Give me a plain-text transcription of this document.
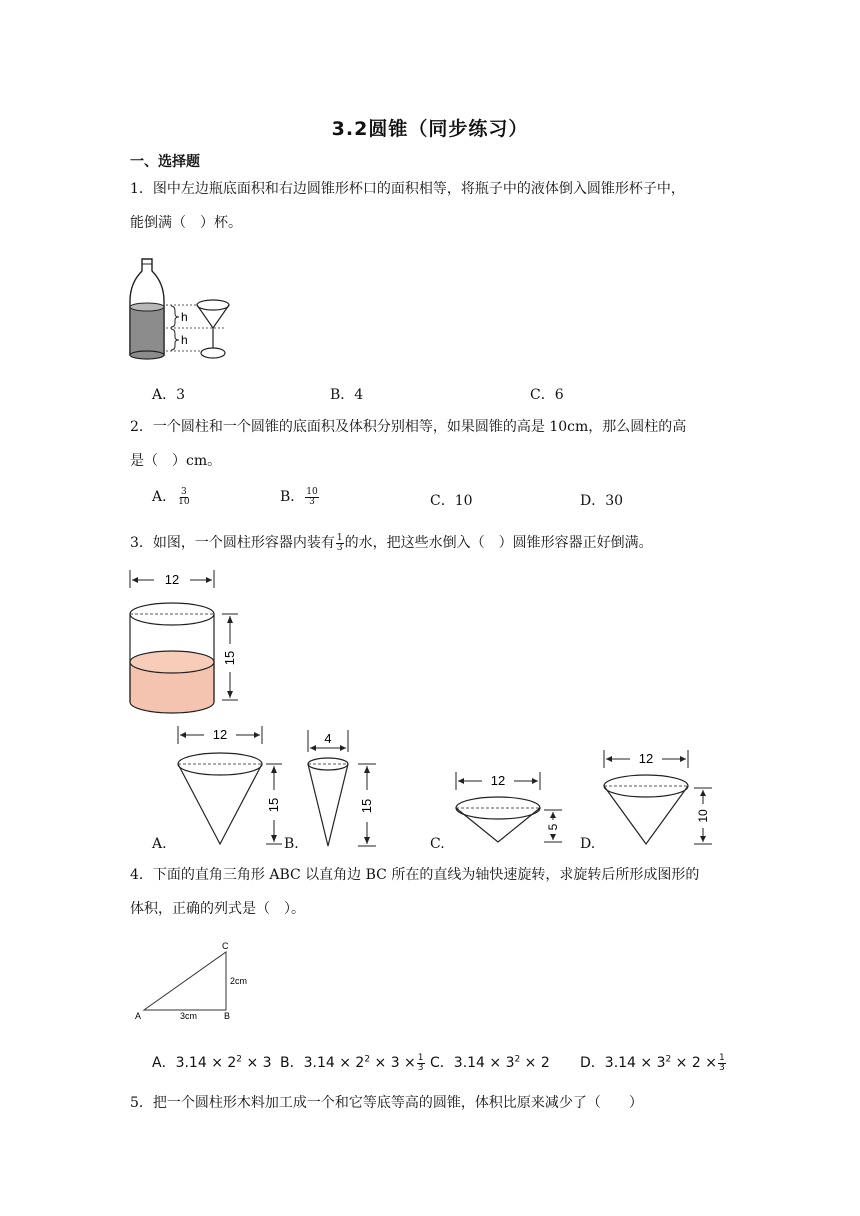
3.2圆锥（同步练习）
一、选择题
1．图中左边瓶底面积和右边圆锥形杯口的面积相等，将瓶子中的液体倒入圆锥形杯子中，
能倒满（　）杯。
h
h
A．3	B．4	C．6
2．一个圆柱和一个圆锥的底面积及体积分别相等，如果圆锥的高是 10cm，那么圆柱的高
是（　）cm。
A． $\frac{3}{10}$	B． $\frac{10}{3}$	C．10	D．30
3．如图，一个圆柱形容器内装有 $\frac{1}{3}$ 的水，把这些水倒入（　）圆锥形容器正好倒满。
12
15
12
15
A.
4
15
B.
12
5
C.
12
10
D.
4．下面的直角三角形 ABC 以直角边 BC 所在的直线为轴快速旋转，求旋转后所形成图形的
体积，正确的列式是（　）。
C
A	B
2cm
3cm
A．$3.14 \times 2^2 \times 3$ B．$3.14 \times 2^2 \times 3 \times \frac{1}{3}$ C．$3.14 \times 3^2 \times 2$ D．$3.14 \times 3^2 \times 2 \times \frac{1}{3}$
5．把一个圆柱形木料加工成一个和它等底等高的圆锥，体积比原来减少了（　　）
